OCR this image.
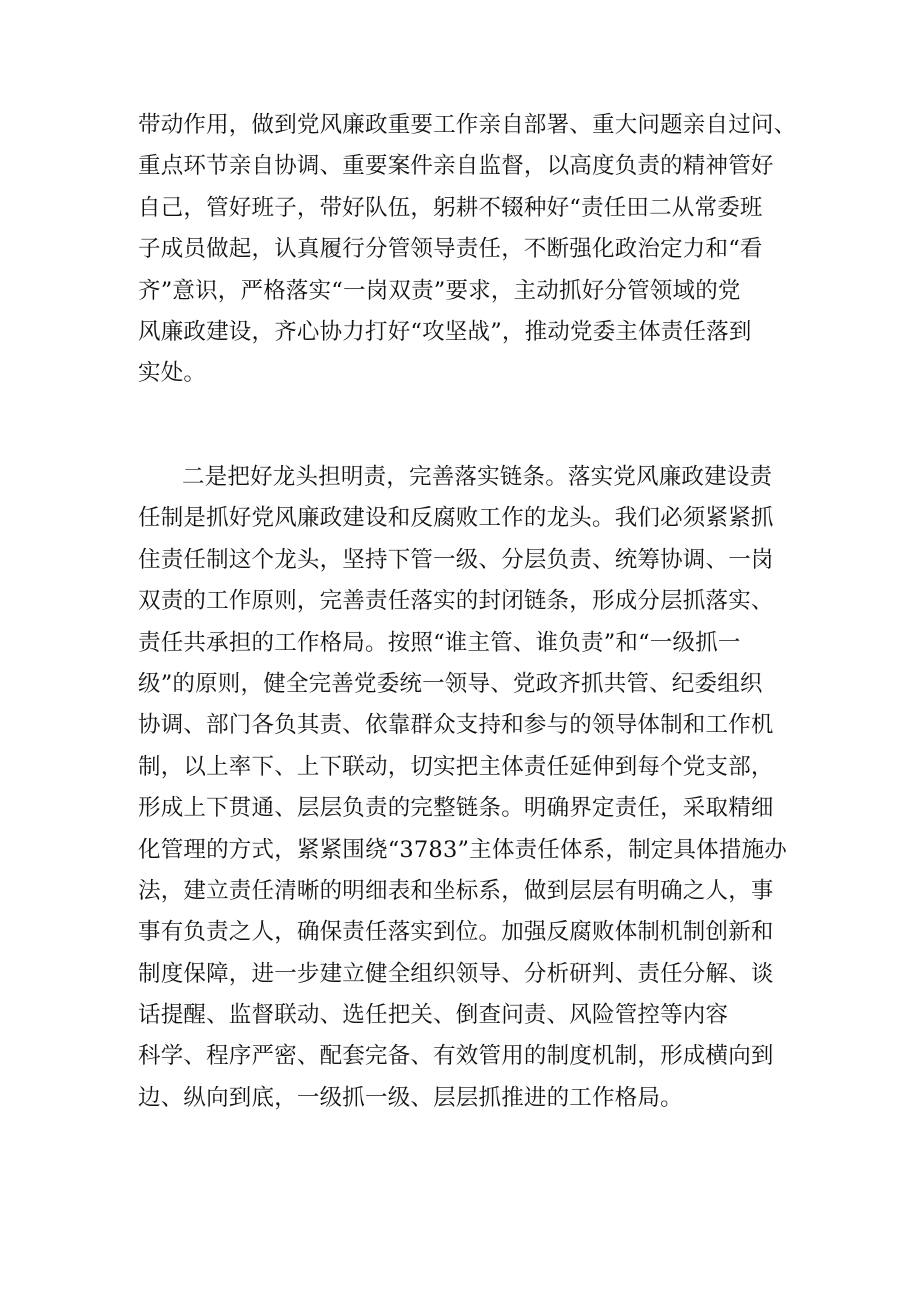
带动作用，做到党风廉政重要工作亲自部署、重大问题亲自过问、
重点环节亲自协调、重要案件亲自监督，以高度负责的精神管好
自己，管好班子，带好队伍，躬耕不辍种好“责任田二从常委班
子成员做起，认真履行分管领导责任，不断强化政治定力和“看
齐”意识，严格落实“一岗双责”要求，主动抓好分管领域的党
风廉政建设，齐心协力打好“攻坚战”，推动党委主体责任落到
实处。
二是把好龙头担明责，完善落实链条。落实党风廉政建设责
任制是抓好党风廉政建设和反腐败工作的龙头。我们必须紧紧抓
住责任制这个龙头，坚持下管一级、分层负责、统筹协调、一岗
双责的工作原则，完善责任落实的封闭链条，形成分层抓落实、
责任共承担的工作格局。按照“谁主管、谁负责”和“一级抓一
级”的原则，健全完善党委统一领导、党政齐抓共管、纪委组织
协调、部门各负其责、依靠群众支持和参与的领导体制和工作机
制，以上率下、上下联动，切实把主体责任延伸到每个党支部，
形成上下贯通、层层负责的完整链条。明确界定责任，采取精细
化管理的方式，紧紧围绕“3783”主体责任体系，制定具体措施办
法，建立责任清晰的明细表和坐标系，做到层层有明确之人，事
事有负责之人，确保责任落实到位。加强反腐败体制机制创新和
制度保障，进一步建立健全组织领导、分析研判、责任分解、谈
话提醒、监督联动、选任把关、倒查问责、风险管控等内容
科学、程序严密、配套完备、有效管用的制度机制，形成横向到
边、纵向到底，一级抓一级、层层抓推进的工作格局。
